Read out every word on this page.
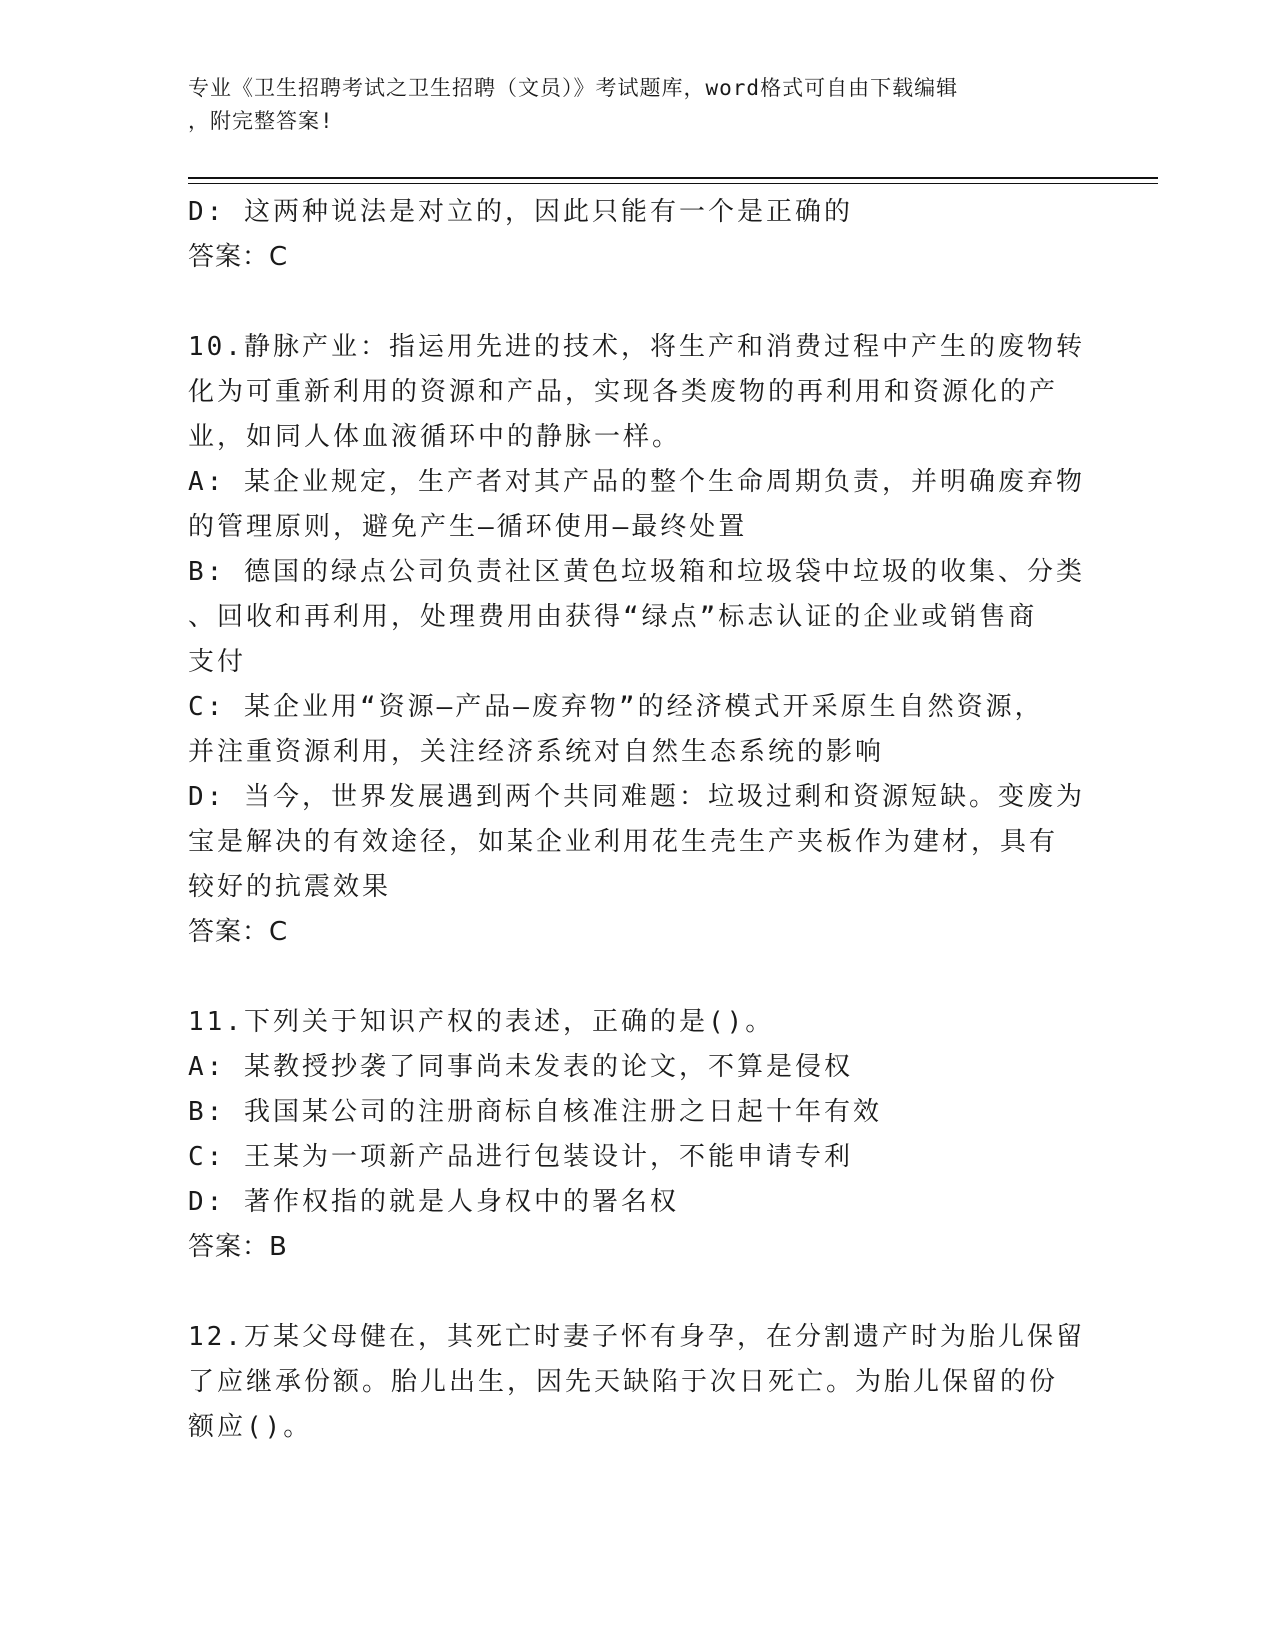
专业《卫生招聘考试之卫生招聘（文员）》考试题库，word格式可自由下载编辑
，附完整答案!
D: 这两种说法是对立的，因此只能有一个是正确的
答案：C
10.静脉产业：指运用先进的技术，将生产和消费过程中产生的废物转
化为可重新利用的资源和产品，实现各类废物的再利用和资源化的产
业，如同人体血液循环中的静脉一样。
A: 某企业规定，生产者对其产品的整个生命周期负责，并明确废弃物
的管理原则，避免产生—循环使用—最终处置
B: 德国的绿点公司负责社区黄色垃圾箱和垃圾袋中垃圾的收集、分类
、回收和再利用，处理费用由获得“绿点”标志认证的企业或销售商
支付
C: 某企业用“资源—产品—废弃物”的经济模式开采原生自然资源，
并注重资源利用，关注经济系统对自然生态系统的影响
D: 当今，世界发展遇到两个共同难题：垃圾过剩和资源短缺。变废为
宝是解决的有效途径，如某企业利用花生壳生产夹板作为建材，具有
较好的抗震效果
答案：C
11.下列关于知识产权的表述，正确的是()。
A: 某教授抄袭了同事尚未发表的论文，不算是侵权
B: 我国某公司的注册商标自核准注册之日起十年有效
C: 王某为一项新产品进行包装设计，不能申请专利
D: 著作权指的就是人身权中的署名权
答案：B
12.万某父母健在，其死亡时妻子怀有身孕，在分割遗产时为胎儿保留
了应继承份额。胎儿出生，因先天缺陷于次日死亡。为胎儿保留的份
额应()。
